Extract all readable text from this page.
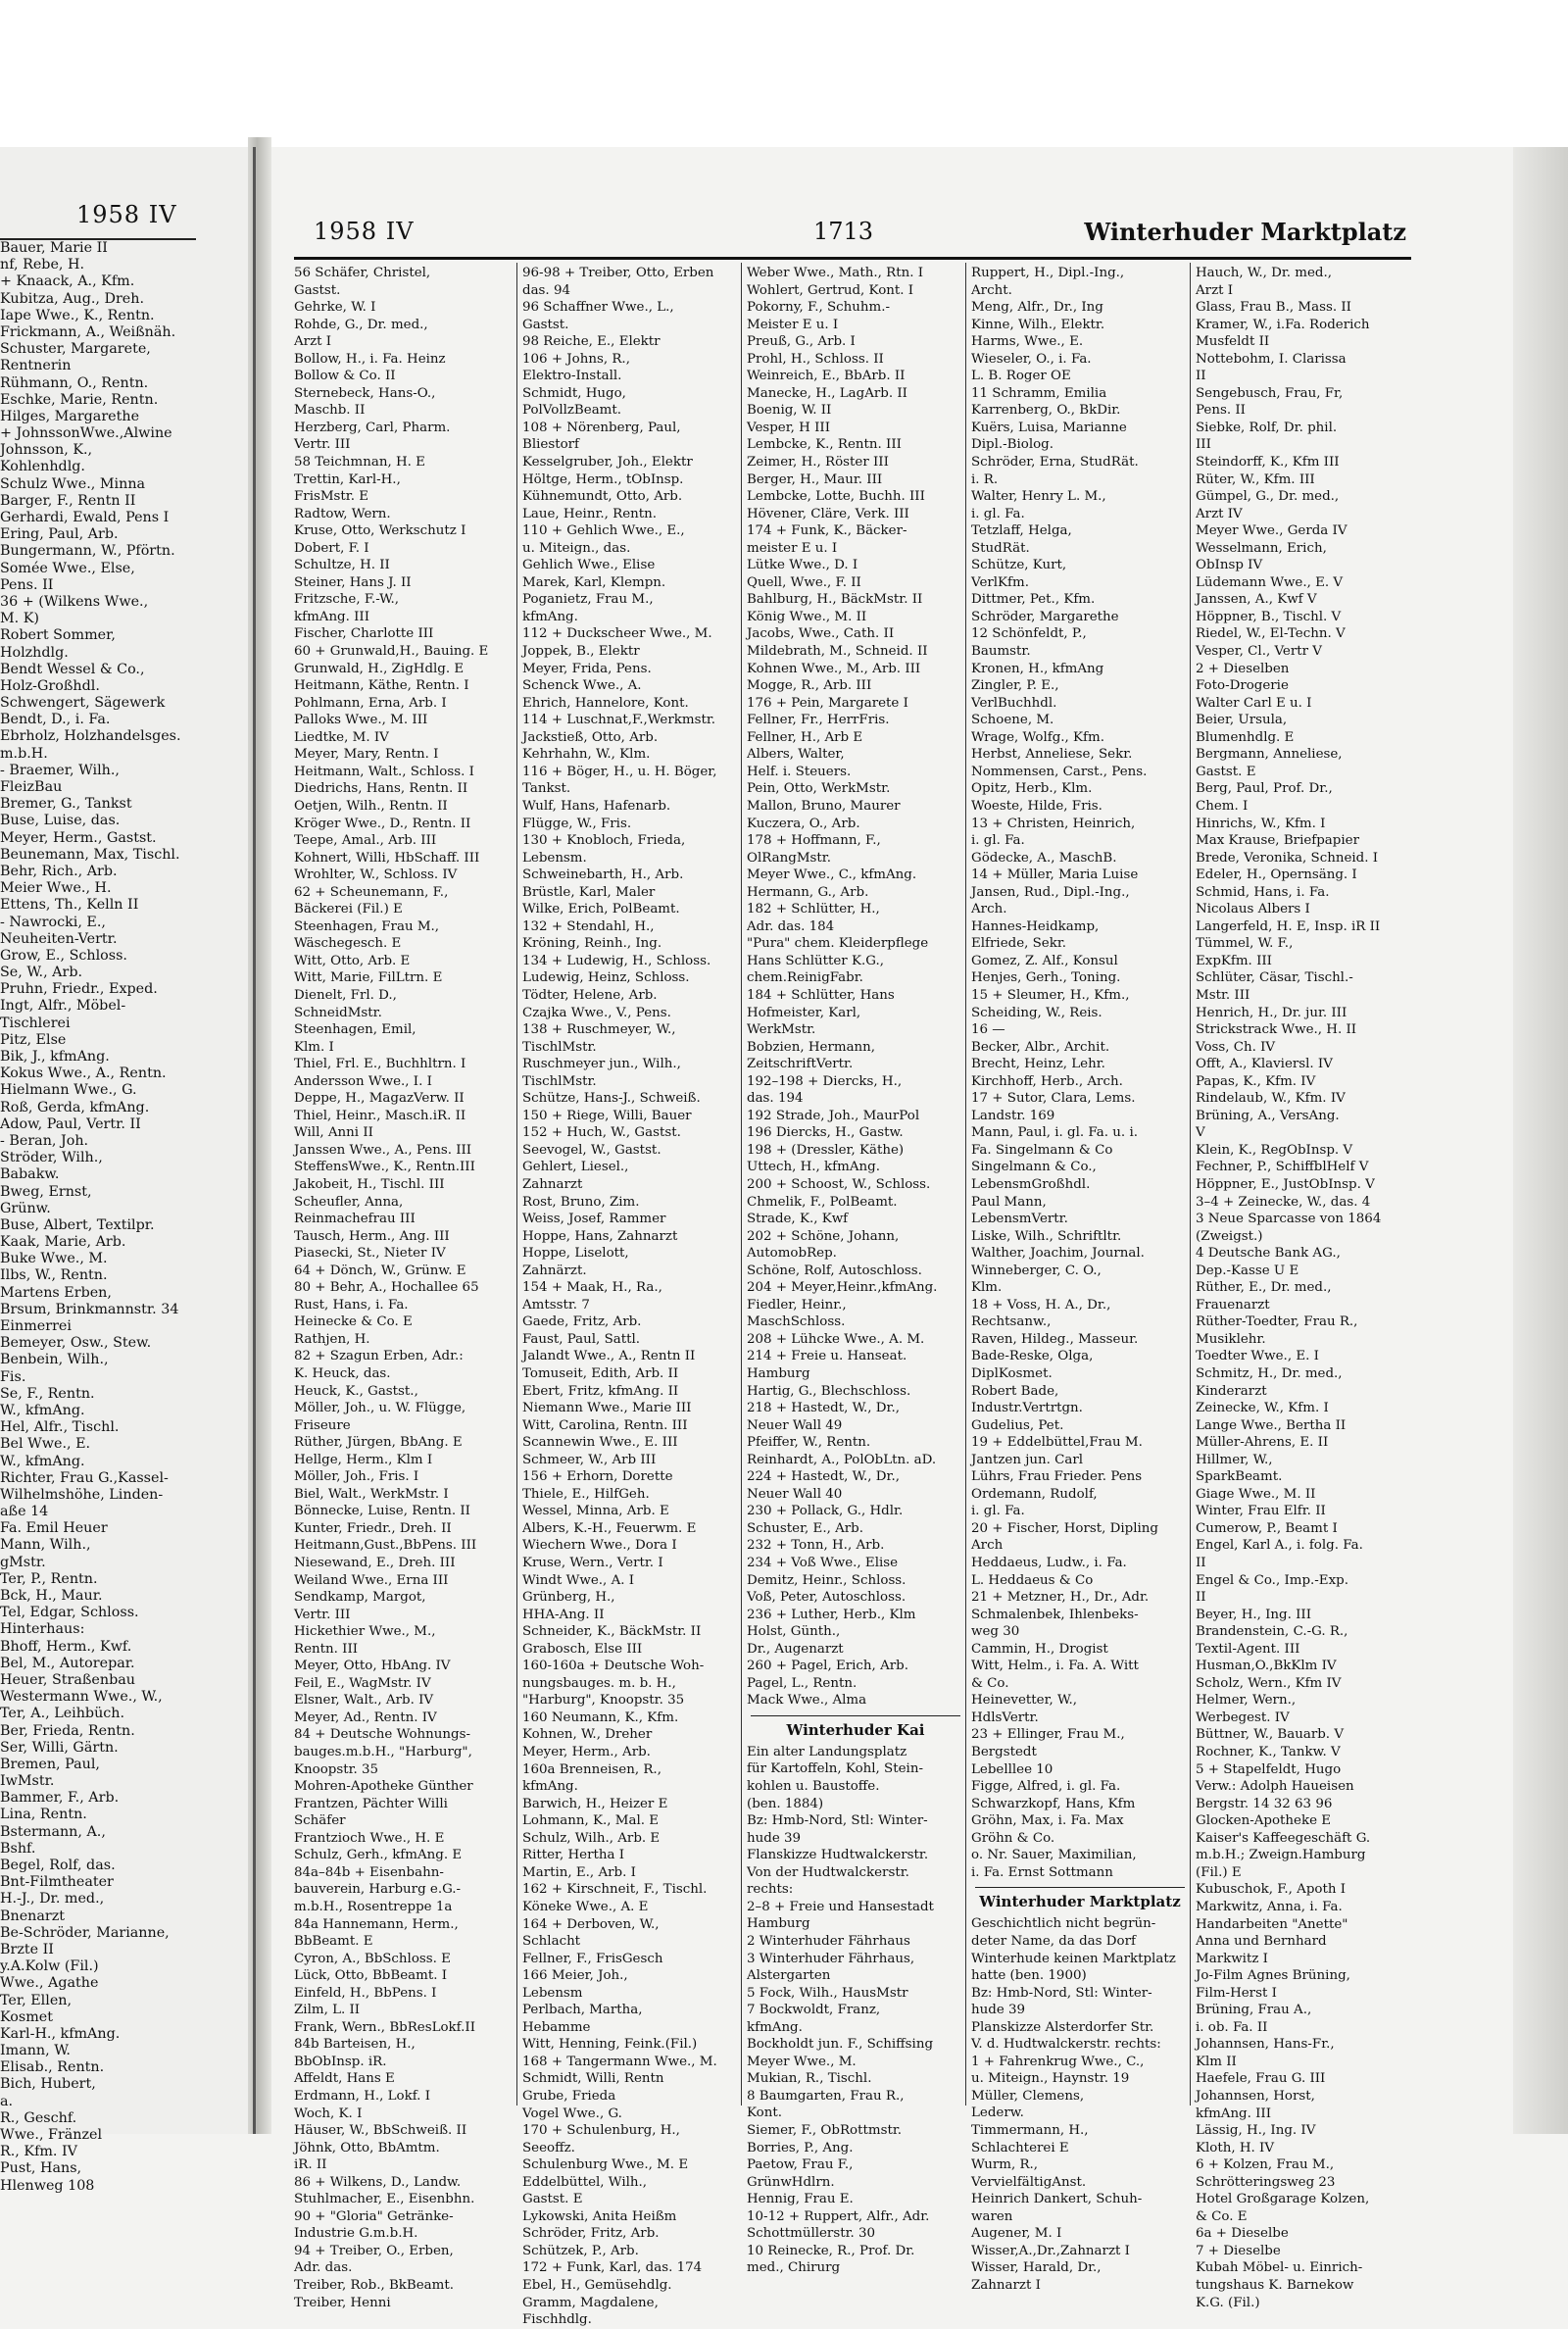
1958 IV
Bauer, Marie II
nf, Rebe, H.
+ Knaack, A., Kfm.
Kubitza, Aug., Dreh.
Iape Wwe., K., Rentn.
Frickmann, A., Weißnäh.
Schuster, Margarete,
Rentnerin
Rühmann, O., Rentn.
Eschke, Marie, Rentn.
Hilges, Margarethe
+ JohnssonWwe.,Alwine
Johnsson, K.,
Kohlenhdlg.
Schulz Wwe., Minna
Barger, F., Rentn II
Gerhardi, Ewald, Pens I
Ering, Paul, Arb.
Bungermann, W., Pförtn.
Somée Wwe., Else,
Pens. II
36 + (Wilkens Wwe.,
M. K)
Robert Sommer,
Holzhdlg.
Bendt Wessel & Co.,
Holz-Großhdl.
Schwengert, Sägewerk
Bendt, D., i. Fa.
Ebrholz, Holzhandelsges.
m.b.H.
- Braemer, Wilh.,
FleizBau
Bremer, G., Tankst
Buse, Luise, das.
Meyer, Herm., Gastst.
Beunemann, Max, Tischl.
Behr, Rich., Arb.
Meier Wwe., H.
Ettens, Th., Kelln II
- Nawrocki, E.,
Neuheiten-Vertr.
Grow, E., Schloss.
Se, W., Arb.
Pruhn, Friedr., Exped.
Ingt, Alfr., Möbel-
Tischlerei
Pitz, Else
Bik, J., kfmAng.
Kokus Wwe., A., Rentn.
Hielmann Wwe., G.
Roß, Gerda, kfmAng.
Adow, Paul, Vertr. II
- Beran, Joh.
Ströder, Wilh.,
Babakw.
Bweg, Ernst,
Grünw.
Buse, Albert, Textilpr.
Kaak, Marie, Arb.
Buke Wwe., M.
Ilbs, W., Rentn.
Martens Erben,
Brsum, Brinkmannstr. 34
Einmerrei
Bemeyer, Osw., Stew.
Benbein, Wilh.,
Fis.
Se, F., Rentn.
W., kfmAng.
Hel, Alfr., Tischl.
Bel Wwe., E.
W., kfmAng.
Richter, Frau G.,Kassel-
Wilhelmshöhe, Linden-
aße 14
Fa. Emil Heuer
Mann, Wilh.,
gMstr.
Ter, P., Rentn.
Bck, H., Maur.
Tel, Edgar, Schloss.
Hinterhaus:
Bhoff, Herm., Kwf.
Bel, M., Autorepar.
Heuer, Straßenbau
Westermann Wwe., W.,
Ter, A., Leihbüch.
Ber, Frieda, Rentn.
Ser, Willi, Gärtn.
Bremen, Paul,
IwMstr.
Bammer, F., Arb.
Lina, Rentn.
Bstermann, A.,
Bshf.
Begel, Rolf, das.
Bnt-Filmtheater
H.-J., Dr. med.,
Bnenarzt
Be-Schröder, Marianne,
Brzte II
y.A.Kolw (Fil.)
Wwe., Agathe
Ter, Ellen,
Kosmet
Karl-H., kfmAng.
Imann, W.
Elisab., Rentn.
Bich, Hubert,
a.
R., Geschf.
Wwe., Fränzel
R., Kfm. IV
Pust, Hans,
Hlenweg 108
1958 IV	1713	Winterhuder Marktplatz
56 Schäfer, Christel,
Gastst.
Gehrke, W. I
Rohde, G., Dr. med.,
Arzt I
Bollow, H., i. Fa. Heinz
Bollow & Co. II
Sternebeck, Hans-O.,
Maschb. II
Herzberg, Carl, Pharm.
Vertr. III
58 Teichmnan, H. E
Trettin, Karl-H.,
FrisMstr. E
Radtow, Wern.
Kruse, Otto, Werkschutz I
Dobert, F. I
Schultze, H. II
Steiner, Hans J. II
Fritzsche, F.-W.,
kfmAng. III
Fischer, Charlotte III
60 + Grunwald,H., Bauing. E
Grunwald, H., ZigHdlg. E
Heitmann, Käthe, Rentn. I
Pohlmann, Erna, Arb. I
Palloks Wwe., M. III
Liedtke, M. IV
Meyer, Mary, Rentn. I
Heitmann, Walt., Schloss. I
Diedrichs, Hans, Rentn. II
Oetjen, Wilh., Rentn. II
Kröger Wwe., D., Rentn. II
Teepe, Amal., Arb. III
Kohnert, Willi, HbSchaff. III
Wrohlter, W., Schloss. IV
62 + Scheunemann, F.,
Bäckerei (Fil.) E
Steenhagen, Frau M.,
Wäschegesch. E
Witt, Otto, Arb. E
Witt, Marie, FilLtrn. E
Dienelt, Frl. D.,
SchneidMstr.
Steenhagen, Emil,
Klm. I
Thiel, Frl. E., Buchhltrn. I
Andersson Wwe., I. I
Deppe, H., MagazVerw. II
Thiel, Heinr., Masch.iR. II
Will, Anni II
Janssen Wwe., A., Pens. III
SteffensWwe., K., Rentn.III
Jakobeit, H., Tischl. III
Scheufler, Anna,
Reinmachefrau III
Tausch, Herm., Ang. III
Piasecki, St., Nieter IV
64 + Dönch, W., Grünw. E
80 + Behr, A., Hochallee 65
Rust, Hans, i. Fa.
Heinecke & Co. E
Rathjen, H.
82 + Szagun Erben, Adr.:
K. Heuck, das.
Heuck, K., Gastst.,
Möller, Joh., u. W. Flügge,
Friseure
Rüther, Jürgen, BbAng. E
Hellge, Herm., Klm I
Möller, Joh., Fris. I
Biel, Walt., WerkMstr. I
Bönnecke, Luise, Rentn. II
Kunter, Friedr., Dreh. II
Heitmann,Gust.,BbPens. III
Niesewand, E., Dreh. III
Weiland Wwe., Erna III
Sendkamp, Margot,
Vertr. III
Hickethier Wwe., M.,
Rentn. III
Meyer, Otto, HbAng. IV
Feil, E., WagMstr. IV
Elsner, Walt., Arb. IV
Meyer, Ad., Rentn. IV
84 + Deutsche Wohnungs-
bauges.m.b.H., "Harburg",
Knoopstr. 35
Mohren-Apotheke Günther
Frantzen, Pächter Willi
Schäfer
Frantzioch Wwe., H. E
Schulz, Gerh., kfmAng. E
84a–84b + Eisenbahn-
bauverein, Harburg e.G.-
m.b.H., Rosentreppe 1a
84a Hannemann, Herm.,
BbBeamt. E
Cyron, A., BbSchloss. E
Lück, Otto, BbBeamt. I
Einfeld, H., BbPens. I
Zilm, L. II
Frank, Wern., BbResLokf.II
84b Barteisen, H.,
BbObInsp. iR.
Affeldt, Hans E
Erdmann, H., Lokf. I
Woch, K. I
Häuser, W., BbSchweiß. II
Jöhnk, Otto, BbAmtm.
iR. II
86 + Wilkens, D., Landw.
Stuhlmacher, E., Eisenbhn.
90 + "Gloria" Getränke-
Industrie G.m.b.H.
94 + Treiber, O., Erben,
Adr. das.
Treiber, Rob., BkBeamt.
Treiber, Henni
96-98 + Treiber, Otto, Erben
das. 94
96 Schaffner Wwe., L.,
Gastst.
98 Reiche, E., Elektr
106 + Johns, R.,
Elektro-Install.
Schmidt, Hugo,
PolVollzBeamt.
108 + Nörenberg, Paul,
Bliestorf
Kesselgruber, Joh., Elektr
Höltge, Herm., tObInsp.
Kühnemundt, Otto, Arb.
Laue, Heinr., Rentn.
110 + Gehlich Wwe., E.,
u. Miteign., das.
Gehlich Wwe., Elise
Marek, Karl, Klempn.
Poganietz, Frau M.,
kfmAng.
112 + Duckscheer Wwe., M.
Joppek, B., Elektr
Meyer, Frida, Pens.
Schenck Wwe., A.
Ehrich, Hannelore, Kont.
114 + Luschnat,F.,Werkmstr.
Jackstieß, Otto, Arb.
Kehrhahn, W., Klm.
116 + Böger, H., u. H. Böger,
Tankst.
Wulf, Hans, Hafenarb.
Flügge, W., Fris.
130 + Knobloch, Frieda,
Lebensm.
Schweinebarth, H., Arb.
Brüstle, Karl, Maler
Wilke, Erich, PolBeamt.
132 + Stendahl, H.,
Kröning, Reinh., Ing.
134 + Ludewig, H., Schloss.
Ludewig, Heinz, Schloss.
Tödter, Helene, Arb.
Czajka Wwe., V., Pens.
138 + Ruschmeyer, W.,
TischlMstr.
Ruschmeyer jun., Wilh.,
TischlMstr.
Schütze, Hans-J., Schweiß.
150 + Riege, Willi, Bauer
152 + Huch, W., Gastst.
Seevogel, W., Gastst.
Gehlert, Liesel.,
Zahnarzt
Rost, Bruno, Zim.
Weiss, Josef, Rammer
Hoppe, Hans, Zahnarzt
Hoppe, Liselott,
Zahnärzt.
154 + Maak, H., Ra.,
Amtsstr. 7
Gaede, Fritz, Arb.
Faust, Paul, Sattl.
Jalandt Wwe., A., Rentn II
Tomuseit, Edith, Arb. II
Ebert, Fritz, kfmAng. II
Niemann Wwe., Marie III
Witt, Carolina, Rentn. III
Scannewin Wwe., E. III
Schmeer, W., Arb III
156 + Erhorn, Dorette
Thiele, E., HilfGeh.
Wessel, Minna, Arb. E
Albers, K.-H., Feuerwm. E
Wiechern Wwe., Dora I
Kruse, Wern., Vertr. I
Windt Wwe., A. I
Grünberg, H.,
HHA-Ang. II
Schneider, K., BäckMstr. II
Grabosch, Else III
160-160a + Deutsche Woh-
nungsbauges. m. b. H.,
"Harburg", Knoopstr. 35
160 Neumann, K., Kfm.
Kohnen, W., Dreher
Meyer, Herm., Arb.
160a Brenneisen, R.,
kfmAng.
Barwich, H., Heizer E
Lohmann, K., Mal. E
Schulz, Wilh., Arb. E
Ritter, Hertha I
Martin, E., Arb. I
162 + Kirschneit, F., Tischl.
Köneke Wwe., A. E
164 + Derboven, W.,
Schlacht
Fellner, F., FrisGesch
166 Meier, Joh.,
Lebensm
Perlbach, Martha,
Hebamme
Witt, Henning, Feink.(Fil.)
168 + Tangermann Wwe., M.
Schmidt, Willi, Rentn
Grube, Frieda
Vogel Wwe., G.
170 + Schulenburg, H.,
Seeoffz.
Schulenburg Wwe., M. E
Eddelbüttel, Wilh.,
Gastst. E
Lykowski, Anita Heißm
Schröder, Fritz, Arb.
Schützek, P., Arb.
172 + Funk, Karl, das. 174
Ebel, H., Gemüsehdlg.
Gramm, Magdalene,
Fischhdlg.
Weber Wwe., Math., Rtn. I
Wohlert, Gertrud, Kont. I
Pokorny, F., Schuhm.-
Meister E u. I
Preuß, G., Arb. I
Prohl, H., Schloss. II
Weinreich, E., BbArb. II
Manecke, H., LagArb. II
Boenig, W. II
Vesper, H III
Lembcke, K., Rentn. III
Zeimer, H., Röster III
Berger, H., Maur. III
Lembcke, Lotte, Buchh. III
Hövener, Cläre, Verk. III
174 + Funk, K., Bäcker-
meister E u. I
Lütke Wwe., D. I
Quell, Wwe., F. II
Bahlburg, H., BäckMstr. II
König Wwe., M. II
Jacobs, Wwe., Cath. II
Mildebrath, M., Schneid. II
Kohnen Wwe., M., Arb. III
Mogge, R., Arb. III
176 + Pein, Margarete I
Fellner, Fr., HerrFris.
Fellner, H., Arb E
Albers, Walter,
Helf. i. Steuers.
Pein, Otto, WerkMstr.
Mallon, Bruno, Maurer
Kuczera, O., Arb.
178 + Hoffmann, F.,
OlRangMstr.
Meyer Wwe., C., kfmAng.
Hermann, G., Arb.
182 + Schlütter, H.,
Adr. das. 184
"Pura" chem. Kleiderpflege
Hans Schlütter K.G.,
chem.ReinigFabr.
184 + Schlütter, Hans
Hofmeister, Karl,
WerkMstr.
Bobzien, Hermann,
ZeitschriftVertr.
192–198 + Diercks, H.,
das. 194
192 Strade, Joh., MaurPol
196 Diercks, H., Gastw.
198 + (Dressler, Käthe)
Uttech, H., kfmAng.
200 + Schoost, W., Schloss.
Chmelik, F., PolBeamt.
Strade, K., Kwf
202 + Schöne, Johann,
AutomobRep.
Schöne, Rolf, Autoschloss.
204 + Meyer,Heinr.,kfmAng.
Fiedler, Heinr.,
MaschSchloss.
208 + Lühcke Wwe., A. M.
214 + Freie u. Hanseat.
Hamburg
Hartig, G., Blechschloss.
218 + Hastedt, W., Dr.,
Neuer Wall 49
Pfeiffer, W., Rentn.
Reinhardt, A., PolObLtn. aD.
224 + Hastedt, W., Dr.,
Neuer Wall 40
230 + Pollack, G., Hdlr.
Schuster, E., Arb.
232 + Tonn, H., Arb.
234 + Voß Wwe., Elise
Demitz, Heinr., Schloss.
Voß, Peter, Autoschloss.
236 + Luther, Herb., Klm
Holst, Günth.,
Dr., Augenarzt
260 + Pagel, Erich, Arb.
Pagel, L., Rentn.
Mack Wwe., Alma
Winterhuder Kai
Ein alter Landungsplatz
für Kartoffeln, Kohl, Stein-
kohlen u. Baustoffe.
(ben. 1884)
Bz: Hmb-Nord, Stl: Winter-
hude 39
Flanskizze Hudtwalckerstr.
Von der Hudtwalckerstr.
rechts:
2–8 + Freie und Hansestadt
Hamburg
2 Winterhuder Fährhaus
3 Winterhuder Fährhaus,
Alstergarten
5 Fock, Wilh., HausMstr
7 Bockwoldt, Franz,
kfmAng.
Bockholdt jun. F., Schiffsing
Meyer Wwe., M.
Mukian, R., Tischl.
8 Baumgarten, Frau R.,
Kont.
Siemer, F., ObRottmstr.
Borries, P., Ang.
Paetow, Frau F.,
GrünwHdlrn.
Hennig, Frau E.
10-12 + Ruppert, Alfr., Adr.
Schottmüllerstr. 30
10 Reinecke, R., Prof. Dr.
med., Chirurg
Ruppert, H., Dipl.-Ing.,
Archt.
Meng, Alfr., Dr., Ing
Kinne, Wilh., Elektr.
Harms, Wwe., E.
Wieseler, O., i. Fa.
L. B. Roger OE
11 Schramm, Emilia
Karrenberg, O., BkDir.
Kuërs, Luisa, Marianne
Dipl.-Biolog.
Schröder, Erna, StudRät.
i. R.
Walter, Henry L. M.,
i. gl. Fa.
Tetzlaff, Helga,
StudRät.
Schütze, Kurt,
VerlKfm.
Dittmer, Pet., Kfm.
Schröder, Margarethe
12 Schönfeldt, P.,
Baumstr.
Kronen, H., kfmAng
Zingler, P. E.,
VerlBuchhdl.
Schoene, M.
Wrage, Wolfg., Kfm.
Herbst, Anneliese, Sekr.
Nommensen, Carst., Pens.
Opitz, Herb., Klm.
Woeste, Hilde, Fris.
13 + Christen, Heinrich,
i. gl. Fa.
Gödecke, A., MaschB.
14 + Müller, Maria Luise
Jansen, Rud., Dipl.-Ing.,
Arch.
Hannes-Heidkamp,
Elfriede, Sekr.
Gomez, Z. Alf., Konsul
Henjes, Gerh., Toning.
15 + Sleumer, H., Kfm.,
Scheiding, W., Reis.
16 —
Becker, Albr., Archit.
Brecht, Heinz, Lehr.
Kirchhoff, Herb., Arch.
17 + Sutor, Clara, Lems.
Landstr. 169
Mann, Paul, i. gl. Fa. u. i.
Fa. Singelmann & Co
Singelmann & Co.,
LebensmGroßhdl.
Paul Mann,
LebensmVertr.
Liske, Wilh., Schriftltr.
Walther, Joachim, Journal.
Winneberger, C. O.,
Klm.
18 + Voss, H. A., Dr.,
Rechtsanw.,
Raven, Hildeg., Masseur.
Bade-Reske, Olga,
DiplKosmet.
Robert Bade,
Industr.Vertrtgn.
Gudelius, Pet.
19 + Eddelbüttel,Frau M.
Jantzen jun. Carl
Lührs, Frau Frieder. Pens
Ordemann, Rudolf,
i. gl. Fa.
20 + Fischer, Horst, Dipling
Arch
Heddaeus, Ludw., i. Fa.
L. Heddaeus & Co
21 + Metzner, H., Dr., Adr.
Schmalenbek, Ihlenbeks-
weg 30
Cammin, H., Drogist
Witt, Helm., i. Fa. A. Witt
& Co.
Heinevetter, W.,
HdlsVertr.
23 + Ellinger, Frau M.,
Bergstedt
Lebelllee 10
Figge, Alfred, i. gl. Fa.
Schwarzkopf, Hans, Kfm
Gröhn, Max, i. Fa. Max
Gröhn & Co.
o. Nr. Sauer, Maximilian,
i. Fa. Ernst Sottmann
Winterhuder Marktplatz
Geschichtlich nicht begrün-
deter Name, da das Dorf
Winterhude keinen Marktplatz
hatte (ben. 1900)
Bz: Hmb-Nord, Stl: Winter-
hude 39
Planskizze Alsterdorfer Str.
V. d. Hudtwalckerstr. rechts:
1 + Fahrenkrug Wwe., C.,
u. Miteign., Haynstr. 19
Müller, Clemens,
Lederw.
Timmermann, H.,
Schlachterei E
Wurm, R.,
VervielfältigAnst.
Heinrich Dankert, Schuh-
waren
Augener, M. I
Wisser,A.,Dr.,Zahnarzt I
Wisser, Harald, Dr.,
Zahnarzt I
Hauch, W., Dr. med.,
Arzt I
Glass, Frau B., Mass. II
Kramer, W., i.Fa. Roderich
Musfeldt II
Nottebohm, I. Clarissa
II
Sengebusch, Frau, Fr,
Pens. II
Siebke, Rolf, Dr. phil.
III
Steindorff, K., Kfm III
Rüter, W., Kfm. III
Gümpel, G., Dr. med.,
Arzt IV
Meyer Wwe., Gerda IV
Wesselmann, Erich,
ObInsp IV
Lüdemann Wwe., E. V
Janssen, A., Kwf V
Höppner, B., Tischl. V
Riedel, W., El-Techn. V
Vesper, Cl., Vertr V
2 + Dieselben
Foto-Drogerie
Walter Carl E u. I
Beier, Ursula,
Blumenhdlg. E
Bergmann, Anneliese,
Gastst. E
Berg, Paul, Prof. Dr.,
Chem. I
Hinrichs, W., Kfm. I
Max Krause, Briefpapier
Brede, Veronika, Schneid. I
Edeler, H., Opernsäng. I
Schmid, Hans, i. Fa.
Nicolaus Albers I
Langerfeld, H. E, Insp. iR II
Tümmel, W. F.,
ExpKfm. III
Schlüter, Cäsar, Tischl.-
Mstr. III
Henrich, H., Dr. jur. III
Strickstrack Wwe., H. II
Voss, Ch. IV
Offt, A., Klaviersl. IV
Papas, K., Kfm. IV
Rindelaub, W., Kfm. IV
Brüning, A., VersAng.
V
Klein, K., RegObInsp. V
Fechner, P., SchiffblHelf V
Höppner, E., JustObInsp. V
3–4 + Zeinecke, W., das. 4
3 Neue Sparcasse von 1864
(Zweigst.)
4 Deutsche Bank AG.,
Dep.-Kasse U E
Rüther, E., Dr. med.,
Frauenarzt
Rüther-Toedter, Frau R.,
Musiklehr.
Toedter Wwe., E. I
Schmitz, H., Dr. med.,
Kinderarzt
Zeinecke, W., Kfm. I
Lange Wwe., Bertha II
Müller-Ahrens, E. II
Hillmer, W.,
SparkBeamt.
Giage Wwe., M. II
Winter, Frau Elfr. II
Cumerow, P., Beamt I
Engel, Karl A., i. folg. Fa.
II
Engel & Co., Imp.-Exp.
II
Beyer, H., Ing. III
Brandenstein, C.-G. R.,
Textil-Agent. III
Husman,O.,BkKlm IV
Scholz, Wern., Kfm IV
Helmer, Wern.,
Werbegest. IV
Büttner, W., Bauarb. V
Rochner, K., Tankw. V
5 + Stapelfeldt, Hugo
Verw.: Adolph Haueisen
Bergstr. 14 32 63 96
Glocken-Apotheke E
Kaiser's Kaffeegeschäft G.
m.b.H.; Zweign.Hamburg
(Fil.) E
Kubuschok, F., Apoth I
Markwitz, Anna, i. Fa.
Handarbeiten "Anette"
Anna und Bernhard
Markwitz I
Jo-Film Agnes Brüning,
Film-Herst I
Brüning, Frau A.,
i. ob. Fa. II
Johannsen, Hans-Fr.,
Klm II
Haefele, Frau G. III
Johannsen, Horst,
kfmAng. III
Lässig, H., Ing. IV
Kloth, H. IV
6 + Kolzen, Frau M.,
Schrötteringsweg 23
Hotel Großgarage Kolzen,
& Co. E
6a + Dieselbe
7 + Dieselbe
Kubah Möbel- u. Einrich-
tungshaus K. Barnekow
K.G. (Fil.)
